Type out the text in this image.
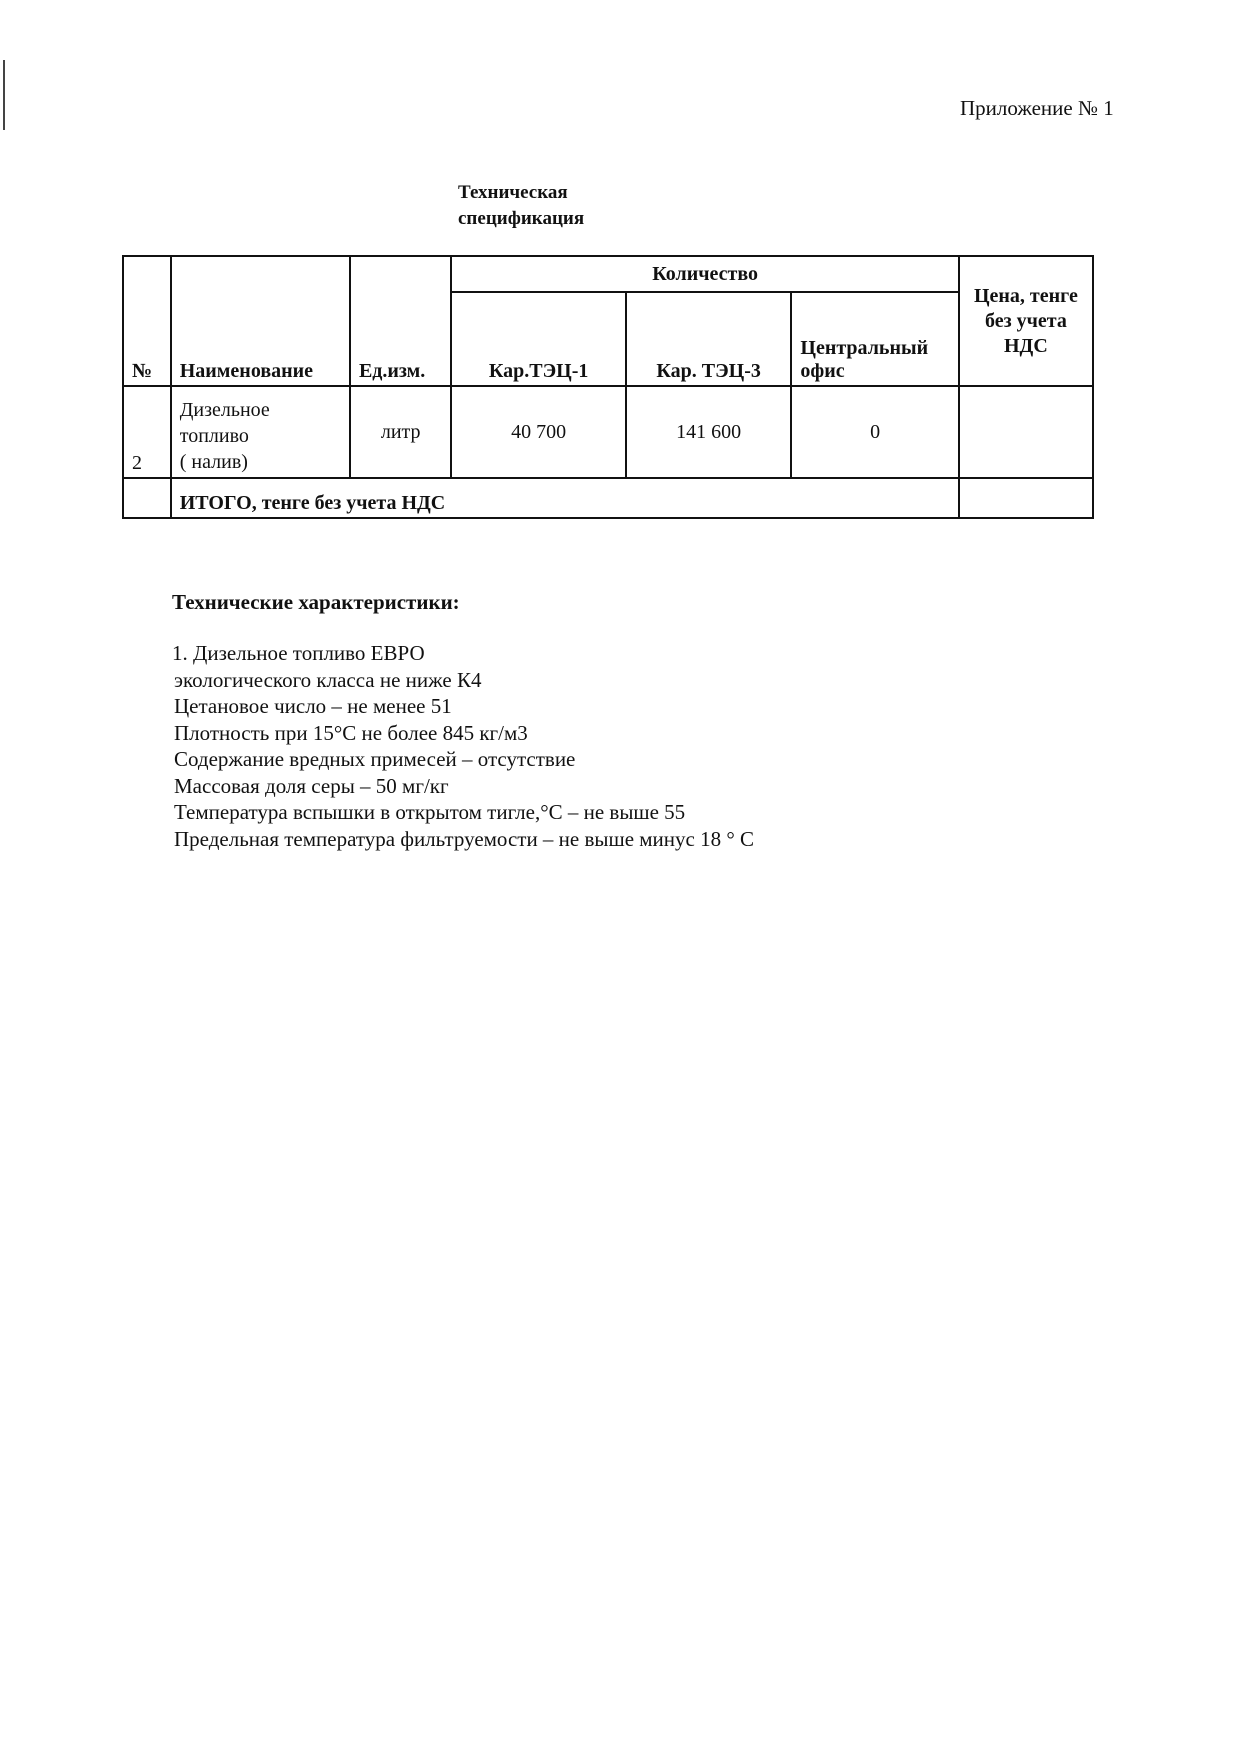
Приложение № 1
Техническая
спецификация
№	Наименование	Ед.изм.	Количество			Цена, тенге
без учета
НДС

			Кар.ТЭЦ-1	Кар. ТЭЦ-3	Центральный
офис	

2	Дизельное
топливо
( налив)	литр	40 700	141 600	0	
	ИТОГО, тенге без учета НДС					
Технические характеристики:
1. Дизельное топливо ЕВРО
экологического класса не ниже К4
Цетановое число – не менее 51
Плотность при 15°С не более 845 кг/м3
Содержание вредных примесей – отсутствие
Массовая доля серы – 50 мг/кг
Температура вспышки в открытом тигле,°С – не выше 55
Предельная температура фильтруемости – не выше минус 18 ° С
